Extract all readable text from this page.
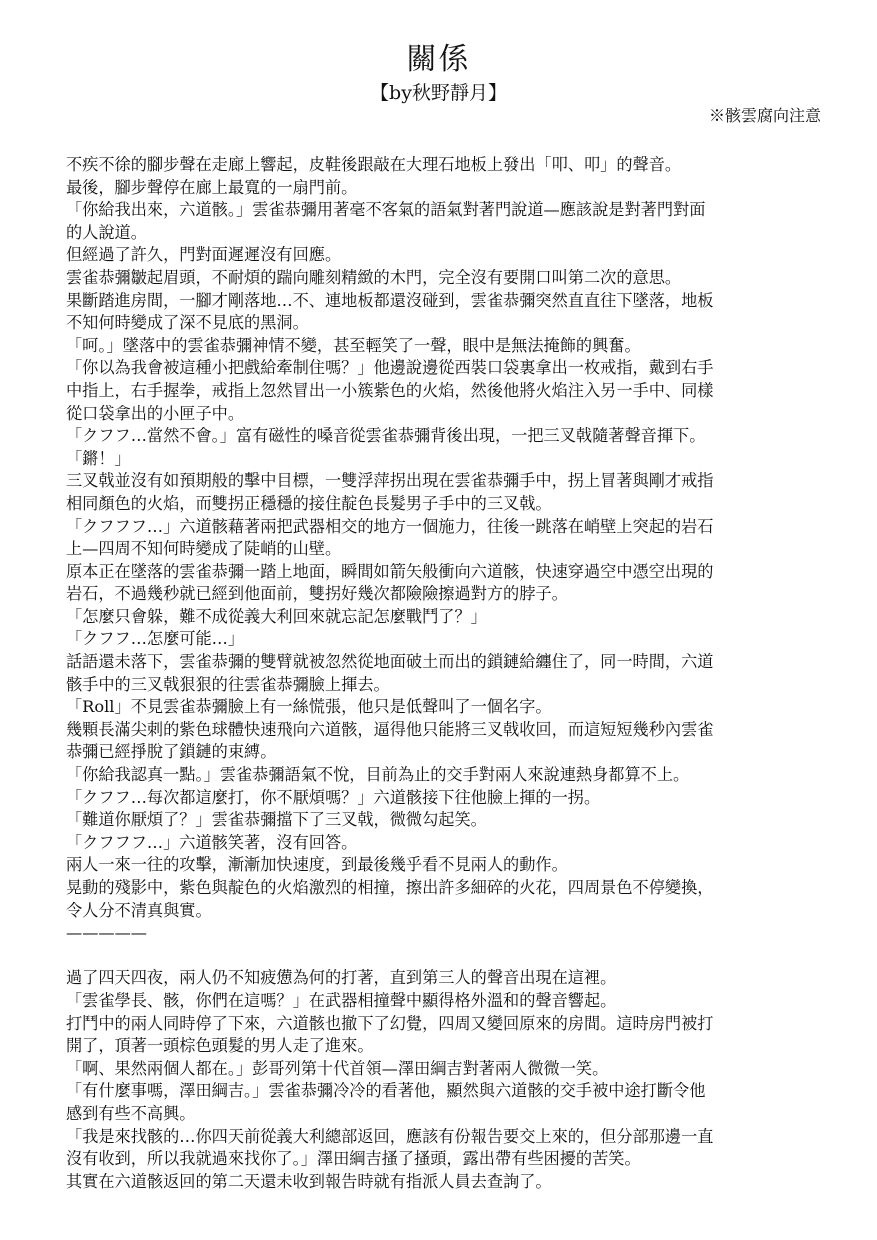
關係
【by秋野靜月】
※骸雲腐向注意
不疾不徐的腳步聲在走廊上響起，皮鞋後跟敲在大理石地板上發出「叩、叩」的聲音。
最後，腳步聲停在廊上最寬的一扇門前。
「你給我出來，六道骸。」雲雀恭彌用著毫不客氣的語氣對著門說道—應該說是對著門對面
的人說道。
但經過了許久，門對面遲遲沒有回應。
雲雀恭彌皺起眉頭，不耐煩的踹向雕刻精緻的木門，完全沒有要開口叫第二次的意思。
果斷踏進房間，一腳才剛落地…不、連地板都還沒碰到，雲雀恭彌突然直直往下墜落，地板
不知何時變成了深不見底的黑洞。
「呵。」墜落中的雲雀恭彌神情不變，甚至輕笑了一聲，眼中是無法掩飾的興奮。
「你以為我會被這種小把戲給牽制住嗎？」他邊說邊從西裝口袋裏拿出一枚戒指，戴到右手
中指上，右手握拳，戒指上忽然冒出一小簇紫色的火焰，然後他將火焰注入另一手中、同樣
從口袋拿出的小匣子中。
「クフフ…當然不會。」富有磁性的嗓音從雲雀恭彌背後出現，一把三叉戟隨著聲音揮下。
「鏘！」
三叉戟並沒有如預期般的擊中目標，一雙浮萍拐出現在雲雀恭彌手中，拐上冒著與剛才戒指
相同顏色的火焰，而雙拐正穩穩的接住靛色長髮男子手中的三叉戟。
「クフフフ…」六道骸藉著兩把武器相交的地方一個施力，往後一跳落在峭壁上突起的岩石
上—四周不知何時變成了陡峭的山壁。
原本正在墜落的雲雀恭彌一踏上地面，瞬間如箭矢般衝向六道骸，快速穿過空中憑空出現的
岩石，不過幾秒就已經到他面前，雙拐好幾次都險險擦過對方的脖子。
「怎麼只會躲，難不成從義大利回來就忘記怎麼戰鬥了？」
「クフフ…怎麼可能…」
話語還未落下，雲雀恭彌的雙臂就被忽然從地面破土而出的鎖鏈給纏住了，同一時間，六道
骸手中的三叉戟狠狠的往雲雀恭彌臉上揮去。
「Roll」不見雲雀恭彌臉上有一絲慌張，他只是低聲叫了一個名字。
幾顆長滿尖刺的紫色球體快速飛向六道骸，逼得他只能將三叉戟收回，而這短短幾秒內雲雀
恭彌已經掙脫了鎖鏈的束縛。
「你給我認真一點。」雲雀恭彌語氣不悅，目前為止的交手對兩人來說連熱身都算不上。
「クフフ…每次都這麼打，你不厭煩嗎？」六道骸接下往他臉上揮的一拐。
「難道你厭煩了？」雲雀恭彌擋下了三叉戟，微微勾起笑。
「クフフフ…」六道骸笑著，沒有回答。
兩人一來一往的攻擊，漸漸加快速度，到最後幾乎看不見兩人的動作。
晃動的殘影中，紫色與靛色的火焰激烈的相撞，擦出許多細碎的火花，四周景色不停變換，
令人分不清真與實。
—————
過了四天四夜，兩人仍不知疲憊為何的打著，直到第三人的聲音出現在這裡。
「雲雀學長、骸，你們在這嗎？」在武器相撞聲中顯得格外溫和的聲音響起。
打鬥中的兩人同時停了下來，六道骸也撤下了幻覺，四周又變回原來的房間。這時房門被打
開了，頂著一頭棕色頭髮的男人走了進來。
「啊、果然兩個人都在。」彭哥列第十代首領—澤田綱吉對著兩人微微一笑。
「有什麼事嗎，澤田綱吉。」雲雀恭彌冷冷的看著他，顯然與六道骸的交手被中途打斷令他
感到有些不高興。
「我是來找骸的…你四天前從義大利總部返回，應該有份報告要交上來的，但分部那邊一直
沒有收到，所以我就過來找你了。」澤田綱吉搔了搔頭，露出帶有些困擾的苦笑。
其實在六道骸返回的第二天還未收到報告時就有指派人員去查詢了。
